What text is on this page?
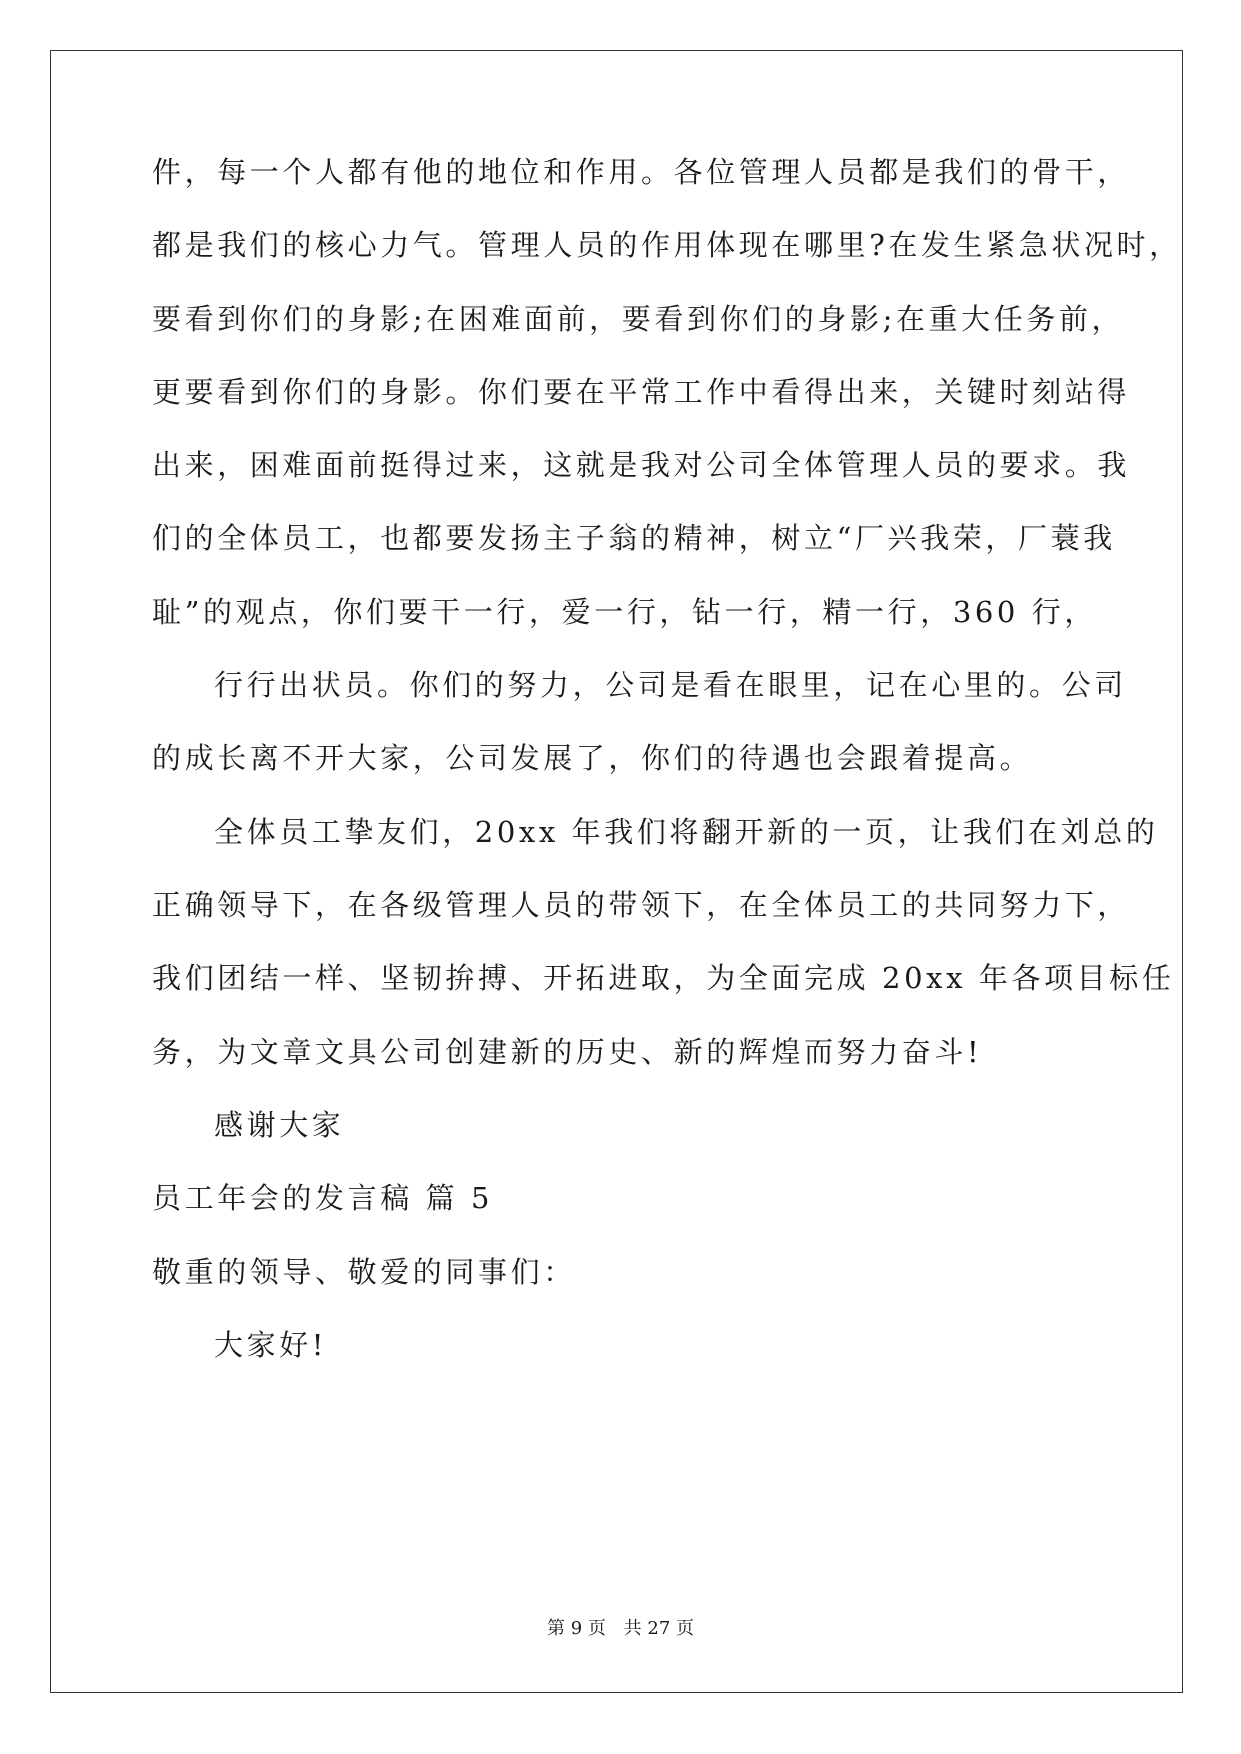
件，每一个人都有他的地位和作用。各位管理人员都是我们的骨干，
都是我们的核心力气。管理人员的作用体现在哪里?在发生紧急状况时，
要看到你们的身影;在困难面前，要看到你们的身影;在重大任务前，
更要看到你们的身影。你们要在平常工作中看得出来，关键时刻站得
出来，困难面前挺得过来，这就是我对公司全体管理人员的要求。我
们的全体员工，也都要发扬主子翁的精神，树立“厂兴我荣，厂蓑我
耻”的观点，你们要干一行，爱一行，钻一行，精一行，360 行，
行行出状员。你们的努力，公司是看在眼里，记在心里的。公司
的成长离不开大家，公司发展了，你们的待遇也会跟着提高。
全体员工挚友们，20xx 年我们将翻开新的一页，让我们在刘总的
正确领导下，在各级管理人员的带领下，在全体员工的共同努力下，
我们团结一样、坚韧拚搏、开拓进取，为全面完成 20xx 年各项目标任
务，为文章文具公司创建新的历史、新的辉煌而努力奋斗!
感谢大家
员工年会的发言稿 篇 5
敬重的领导、敬爱的同事们：
大家好!
第 9 页 共 27 页
